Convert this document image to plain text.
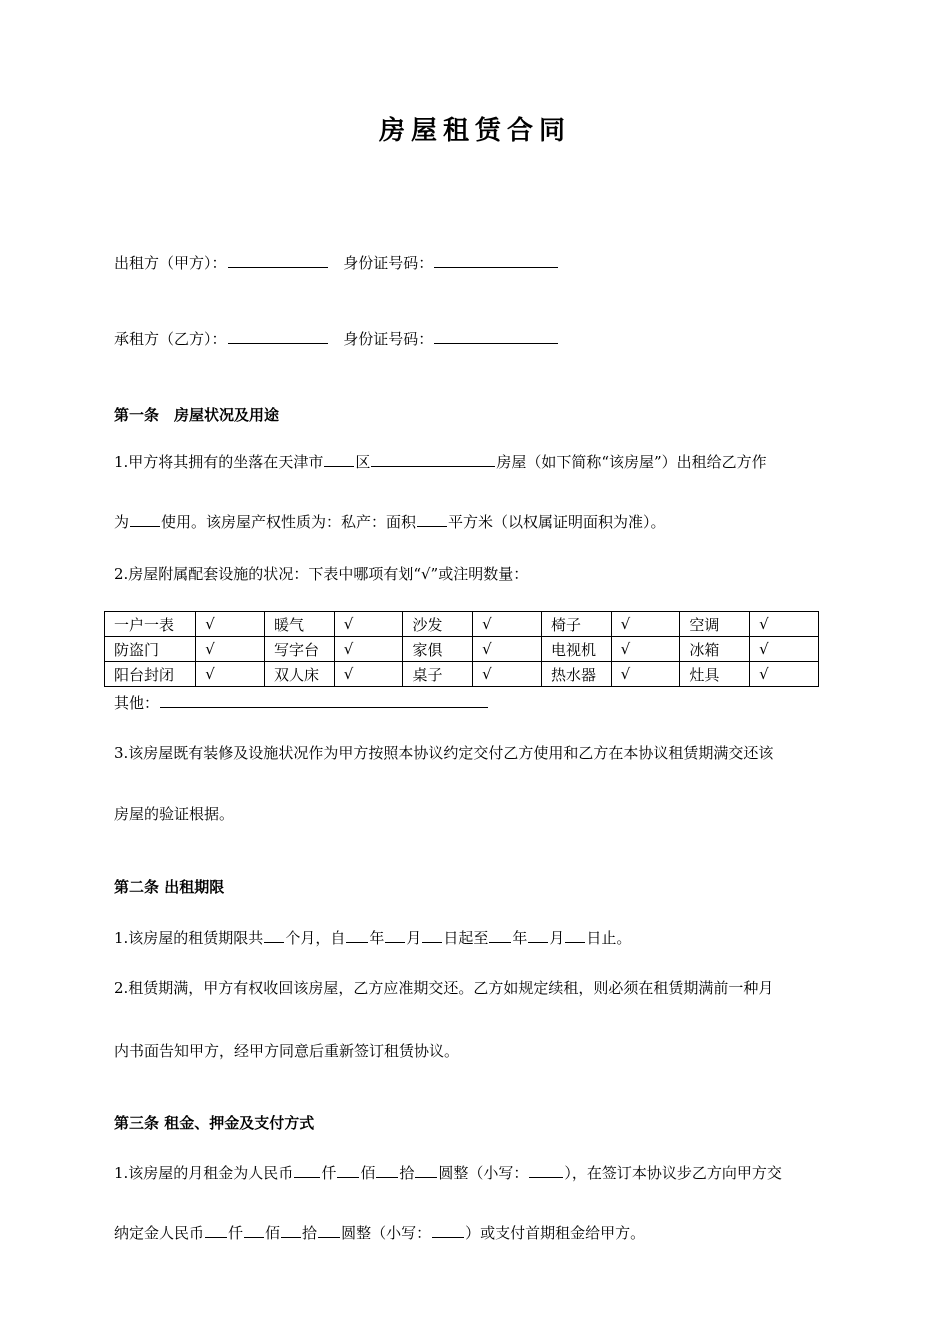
房屋租赁合同
出租方（甲方）：	身份证号码：
承租方（乙方）：	身份证号码：
第一条　房屋状况及用途
1.甲方将其拥有的坐落在天津市 区	房屋（如下简称“该房屋”）出租给乙方作
为 使用。该房屋产权性质为：私产：面积 平方米（以权属证明面积为准）。
2.房屋附属配套设施的状况：下表中哪项有划“√”或注明数量：
一户一表	√	暖气	√	沙发	√	椅子	√	空调	√
防盗门	√	写字台	√	家俱	√	电视机	√	冰箱	√
阳台封闭	√	双人床	√	桌子	√	热水器	√	灶具	√
其他：
3.该房屋既有装修及设施状况作为甲方按照本协议约定交付乙方使用和乙方在本协议租赁期满交还该
房屋的验证根据。
第二条 出租期限
1.该房屋的租赁期限共 个月，自 年 月 日起至 年 月 日止。
2.租赁期满，甲方有权收回该房屋，乙方应准期交还。乙方如规定续租，则必须在租赁期满前一种月
内书面告知甲方，经甲方同意后重新签订租赁协议。
第三条 租金、押金及支付方式
1.该房屋的月租金为人民币 仟 佰 拾 圆整（小写： ），在签订本协议步乙方向甲方交
纳定金人民币 仟 佰 拾 圆整（小写： ）或支付首期租金给甲方。
